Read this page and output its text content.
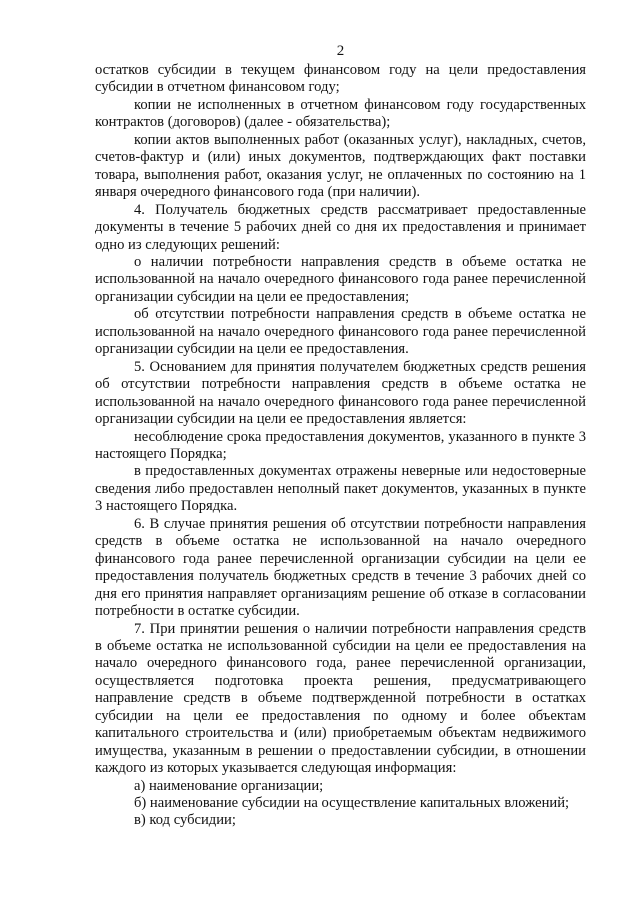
2

остатков субсидии в текущем финансовом году на цели предоставления субсидии в отчетном финансовом году;

копии не исполненных в отчетном финансовом году государственных контрактов (договоров) (далее - обязательства);

копии актов выполненных работ (оказанных услуг), накладных, счетов, счетов-фактур и (или) иных документов, подтверждающих факт поставки товара, выполнения работ, оказания услуг, не оплаченных по состоянию на 1 января очередного финансового года (при наличии).

4. Получатель бюджетных средств рассматривает предоставленные документы в течение 5 рабочих дней со дня их предоставления и принимает одно из следующих решений:

о наличии потребности направления средств в объеме остатка не использованной на начало очередного финансового года ранее перечисленной организации субсидии на цели ее предоставления;

об отсутствии потребности направления средств в объеме остатка не использованной на начало очередного финансового года ранее перечисленной организации субсидии на цели ее предоставления.

5. Основанием для принятия получателем бюджетных средств решения об отсутствии потребности направления средств в объеме остатка не использованной на начало очередного финансового года ранее перечисленной организации субсидии на цели ее предоставления является:

несоблюдение срока предоставления документов, указанного в пункте 3 настоящего Порядка;

в предоставленных документах отражены неверные или недостоверные сведения либо предоставлен неполный пакет документов, указанных в пункте 3 настоящего Порядка.

6. В случае принятия решения об отсутствии потребности направления средств в объеме остатка не использованной на начало очередного финансового года ранее перечисленной организации субсидии на цели ее предоставления получатель бюджетных средств в течение 3 рабочих дней со дня его принятия направляет организациям решение об отказе в согласовании потребности в остатке субсидии.

7. При принятии решения о наличии потребности направления средств в объеме остатка не использованной субсидии на цели ее предоставления на начало очередного финансового года, ранее перечисленной организации, осуществляется подготовка проекта решения, предусматривающего направление средств в объеме подтвержденной потребности в остатках субсидии на цели ее предоставления по одному и более объектам капитального строительства и (или) приобретаемым объектам недвижимого имущества, указанным в решении о предоставлении субсидии, в отношении каждого из которых указывается следующая информация:

а) наименование организации;

б) наименование субсидии на осуществление капитальных вложений;

в) код субсидии;
